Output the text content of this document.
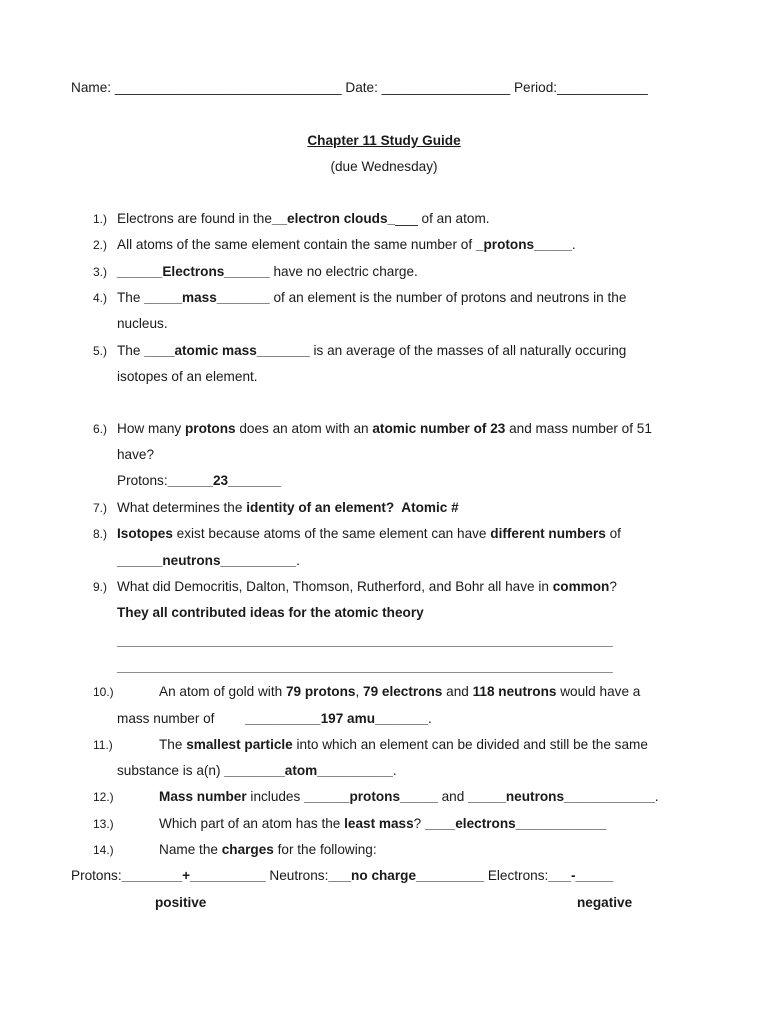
Name: ______________________________ Date: _________________ Period:____________
Chapter 11 Study Guide
(due Wednesday)
1.) Electrons are found in the__electron clouds____ of an atom.
2.) All atoms of the same element contain the same number of _protons_____.
3.) ______Electrons______ have no electric charge.
4.) The _____mass_______ of an element is the number of protons and neutrons in the
nucleus.
5.) The ____atomic mass_______ is an average of the masses of all naturally occuring
isotopes of an element.
6.) How many protons does an atom with an atomic number of 23 and mass number of 51
have?
Protons:______23_______
7.) What determines the identity of an element?  Atomic #
8.) Isotopes exist because atoms of the same element can have different numbers of
______neutrons__________.
9.) What did Democritis, Dalton, Thomson, Rutherford, and Bohr all have in common?
They all contributed ideas for the atomic theory
________________________________________________________________________
________________________________________________________________________
10.)	An atom of gold with 79 protons, 79 electrons and 118 neutrons would have a
mass number of __________197 amu_______.
11.)	The smallest particle into which an element can be divided and still be the same
substance is a(n) ________atom__________.
12.)	Mass number includes ______protons_____ and _____neutrons____________.
13.)	Which part of an atom has the least mass? ____electrons____________
14.)	Name the charges for the following:
Protons:________+__________ Neutrons:___no charge_________ Electrons:___-_____
positive	negative
